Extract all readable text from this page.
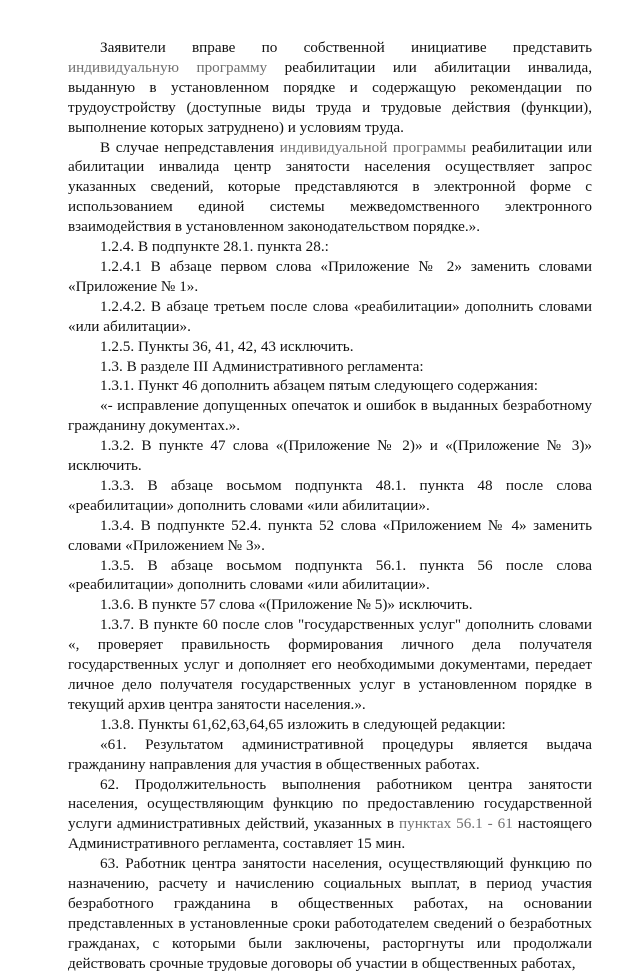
Заявители вправе по собственной инициативе представить индивидуальную программу реабилитации или абилитации инвалида, выданную в установленном порядке и содержащую рекомендации по трудоустройству (доступные виды труда и трудовые действия (функции), выполнение которых затруднено) и условиям труда.

В случае непредставления индивидуальной программы реабилитации или абилитации инвалида центр занятости населения осуществляет запрос указанных сведений, которые представляются в электронной форме с использованием единой системы межведомственного электронного взаимодействия в установленном законодательством порядке.».

1.2.4. В подпункте 28.1. пункта 28.:

1.2.4.1 В абзаце первом слова «Приложение № 2» заменить словами «Приложение № 1».

1.2.4.2. В абзаце третьем после слова «реабилитации» дополнить словами «или абилитации».

1.2.5. Пункты 36, 41, 42, 43 исключить.

1.3. В разделе III Административного регламента:

1.3.1. Пункт 46 дополнить абзацем пятым следующего содержания:

«- исправление допущенных опечаток и ошибок в выданных безработному гражданину документах.».

1.3.2. В пункте 47 слова «(Приложение № 2)» и «(Приложение № 3)» исключить.

1.3.3. В абзаце восьмом подпункта 48.1. пункта 48 после слова «реабилитации» дополнить словами «или абилитации».

1.3.4. В подпункте 52.4. пункта 52 слова «Приложением № 4» заменить словами «Приложением № 3».

1.3.5. В абзаце восьмом подпункта 56.1. пункта 56 после слова «реабилитации» дополнить словами «или абилитации».

1.3.6. В пункте 57 слова «(Приложение № 5)» исключить.

1.3.7. В пункте 60 после слов "государственных услуг" дополнить словами «, проверяет правильность формирования личного дела получателя государственных услуг и дополняет его необходимыми документами, передает личное дело получателя государственных услуг в установленном порядке в текущий архив центра занятости населения.».

1.3.8. Пункты 61,62,63,64,65 изложить в следующей редакции:

«61. Результатом административной процедуры является выдача гражданину направления для участия в общественных работах.

62. Продолжительность выполнения работником центра занятости населения, осуществляющим функцию по предоставлению государственной услуги административных действий, указанных в пунктах 56.1 - 61 настоящего Административного регламента, составляет 15 мин.

63. Работник центра занятости населения, осуществляющий функцию по назначению, расчету и начислению социальных выплат, в период участия безработного гражданина в общественных работах, на основании представленных в установленные сроки работодателем сведений о безработных гражданах, с которыми были заключены, расторгнуты или продолжали действовать срочные трудовые договоры об участии в общественных работах,
